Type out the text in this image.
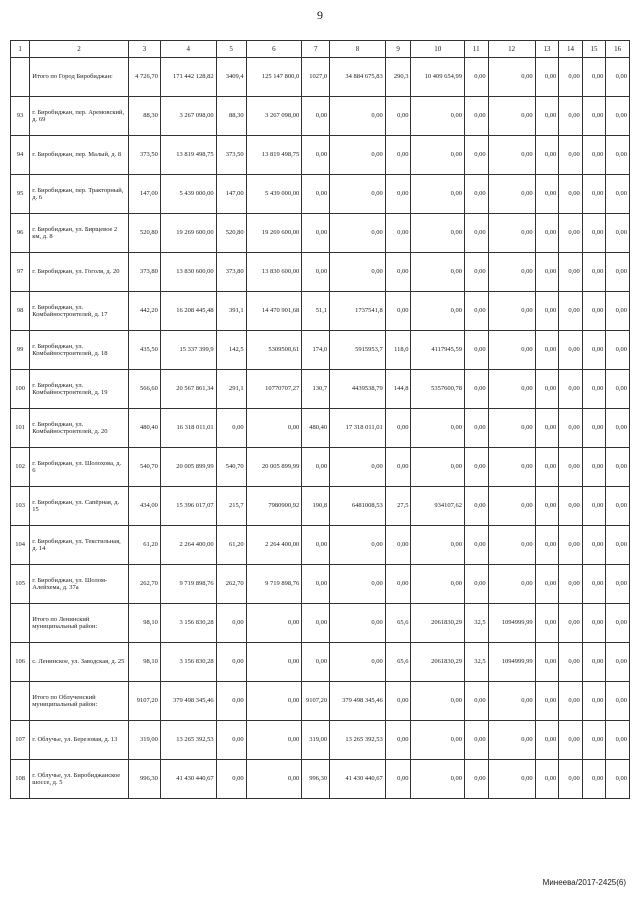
9
1	2	3	4	5	6	7	8	9	10	11	12	13	14	15	16
	Итого по Город Биробиджан:	4 726,70	171 442 128,82	3409,4	125 147 800,0	1027,0	34 884 675,83	290,3	10 409 654,99	0,00	0,00	0,00	0,00	0,00	0,00
93	г. Биробиджан, пер. Аремовский, д. 69	88,30	3 267 098,00	88,30	3 267 098,00	0,00	0,00	0,00	0,00	0,00	0,00	0,00	0,00	0,00	0,00
94	г. Биробиджан, пер. Малый, д. 8	373,50	13 819 498,75	373,50	13 819 498,75	0,00	0,00	0,00	0,00	0,00	0,00	0,00	0,00	0,00	0,00
95	г. Биробиджан, пер. Тракторный, д. 6	147,00	5 439 000,00	147,00	5 439 000,00	0,00	0,00	0,00	0,00	0,00	0,00	0,00	0,00	0,00	0,00
96	г. Биробиджан, ул. Бирщевое 2 км, д. 8	520,80	19 269 600,00	520,80	19 269 600,00	0,00	0,00	0,00	0,00	0,00	0,00	0,00	0,00	0,00	0,00
97	г. Биробиджан, ул. Гоголя, д. 20	373,80	13 830 600,00	373,80	13 830 600,00	0,00	0,00	0,00	0,00	0,00	0,00	0,00	0,00	0,00	0,00
98	г. Биробиджан, ул. Комбайностроителей, д. 17	442,20	16 208 445,48	391,1	14 470 901,68	51,1	1737541,8	0,00	0,00	0,00	0,00	0,00	0,00	0,00	0,00
99	г. Биробиджан, ул. Комбайностроителей, д. 18	435,50	15 337 399,9	142,5	5309500,61	174,0	5915953,7	118,0	4117945,59	0,00	0,00	0,00	0,00	0,00	0,00
100	г. Биробиджан, ул. Комбайностроителей, д. 19	566,60	20 567 861,34	291,1	10770707,27	130,7	4439538,79	144,8	5357600,78	0,00	0,00	0,00	0,00	0,00	0,00
101	г. Биробиджан, ул. Комбайностроителей, д. 20	480,40	16 318 011,01	0,00	0,00	480,40	17 318 011,01	0,00	0,00	0,00	0,00	0,00	0,00	0,00	0,00
102	г. Биробиджан, ул. Шолохова, д. 6	540,70	20 005 899,99	540,70	20 005 899,99	0,00	0,00	0,00	0,00	0,00	0,00	0,00	0,00	0,00	0,00
103	г. Биробиджан, ул. Сапёрная, д. 15	434,00	15 396 017,07	215,7	7980900,92	190,8	6481008,53	27,5	934107,62	0,00	0,00	0,00	0,00	0,00	0,00
104	г. Биробиджан, ул. Текстильная, д. 14	61,20	2 264 400,00	61,20	2 264 400,00	0,00	0,00	0,00	0,00	0,00	0,00	0,00	0,00	0,00	0,00
105	г. Биробиджан, ул. Шолом-Алейхема, д. 37а	262,70	9 719 898,76	262,70	9 719 898,76	0,00	0,00	0,00	0,00	0,00	0,00	0,00	0,00	0,00	0,00
	Итого по Ленинский муниципальный район:	98,10	3 156 830,28	0,00	0,00	0,00	0,00	65,6	2061830,29	32,5	1094999,99	0,00	0,00	0,00	0,00
106	с. Ленинское, ул. Заводская, д. 25	98,10	3 156 830,28	0,00	0,00	0,00	0,00	65,6	2061830,29	32,5	1094999,99	0,00	0,00	0,00	0,00
	Итого по Облученский муниципальный район:	9107,20	379 498 345,46	0,00	0,00	9107,20	379 498 345,46	0,00	0,00	0,00	0,00	0,00	0,00	0,00	0,00
107	г. Облучье, ул. Березовая, д. 13	319,00	13 265 392,53	0,00	0,00	319,00	13 265 392,53	0,00	0,00	0,00	0,00	0,00	0,00	0,00	0,00
108	г. Облучье, ул. Биробиджанское шоссе, д. 5	996,30	41 430 440,67	0,00	0,00	996,30	41 430 440,67	0,00	0,00	0,00	0,00	0,00	0,00	0,00	0,00
Минеева/2017-2425(6)
